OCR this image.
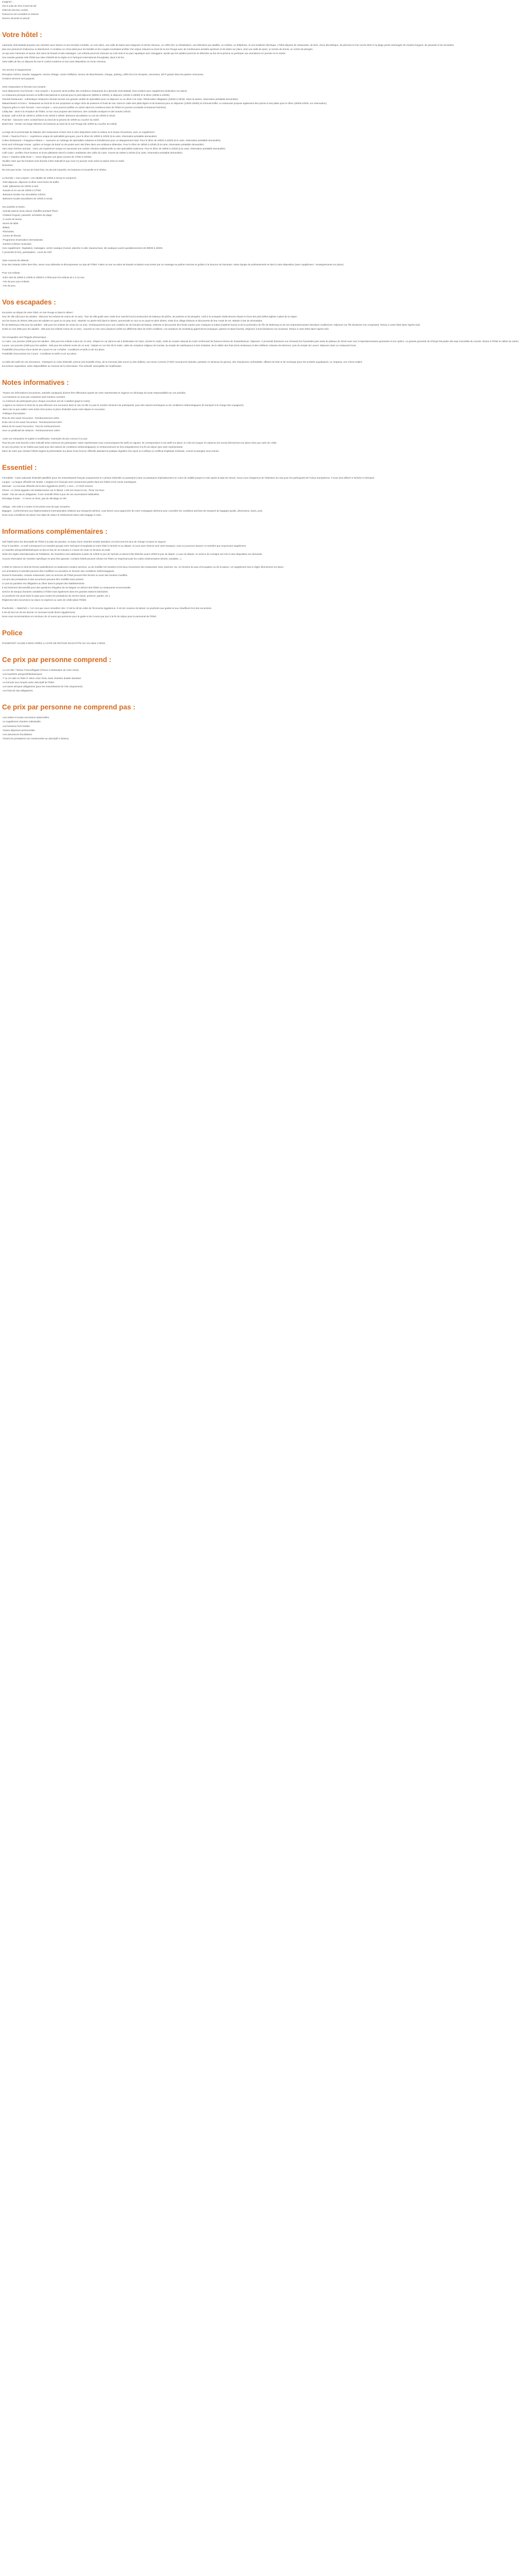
Imaginez ...
Vos 8 nuits de rêve à bord de Nil
Hôtel de très bon confort
Partout lui est considéré et réservé
Service sécurisé et amical
Votre hôtel :
Labranda Club Makadi propose une chambre avec balcon et une terrasse meublée, un coin salon, une salle de bains avec baignoire et sèche-cheveux, un coffre-fort, la climatisation, une télévision par satellite, un minibar, un téléphone, et une bouilloire électrique. L'hôtel dispose de restaurants, de bars, d'une discothèque, de piscines et d'un accès direct à la plage privée aménagée de chaises longues, de parasols et de serviettes.
plus son personnel chaleureux et attentionné, il constitue un choix idéal pour les familles et les couples souhaitant profiter d'un séjour relaxant au bord de la mer Rouge avec de nombreuses activités sportives et de loisirs sur place, dont une salle de sport, un terrain de tennis, un centre de plongée,
un spa avec hammam et sauna, des soins de beauté et des massages. Les enfants pourront s'amuser au mini-club et au parc aquatique avec toboggans, tandis que les adultes pourront se détendre au bar de la piscine ou participer aux animations en journée et en soirée.
Une navette gratuite relie l'hôtel aux sites d'intérêt de la région et à l'aéroport international d'Hurghada, situé à 30 km.
Votre table de lieu un dispose de tout le confort moderne et tout votre disposition un écran cheveux.
Vos service et équipements :
Réception 24h/24, navette, bagagerie, service d'étage, centre d'affaires, service de blanchisserie, change, parking, coffre-fort à la réception, ascenseur, Wi-Fi gratuit dans les parties communes.
Certains services sont payants.
Votre restauration et formule tout compris :
Vous déjeunerez à la formule « tout compris » et pourrez ainsi profiter des nombreux restaurants du Labranda Club Makadi, dont certains avec supplément (indication sur place).
Le restaurant principal servant un buffet international et oriental pour le petit déjeuner (06h00 à 10h00), le déjeuner (12h00 à 15h00) et le dîner (18h30 à 22h00).
Oriental Restaurant : Authentique restaurant oriental servant une grande variété de spécialités pour un déjeuner ou un dîner à la carte. Réservation obligatoire (10h00 à 22h30, selon la saison, réservation préalable demandée).
Makadi Beach Art Deco : Restaurant au bord de la mer proposant un large choix de poissons et fruits de mer. Dans le cadre des plats légers et de boissons pour un déjeuner (12h00-15h00) en formule buffet. Le restaurant propose également des pizzas et des pâtes pour le dîner (19h00-22h00, sur réservation).
Toujours grâce à votre formule « tout compris », vous pourrez profiter en soirée dans les nombreux bars de l'hôtel en journée (cocktails et boissons fraîches).
Lobby Bar : situé à la réception de l'hôtel, ce bar vous propose des boissons, des cocktails exotiques et des snacks 24h/24.
Ensuite, café et thé de 10h00 à 12h00 et de 15h00 à 18h00. Boissons alcoolisées ou non de 10h00 à minuit.
Pool Bar : Savourez votre cocktail favori au bord de la piscine de 10h00 au coucher du soleil.
Beach Bar : Siroter une large sélection de boissons au bord de la mer Rouge (de 10h00 au coucher du soleil).
La large de la promenade de Makadi, des restaurants et bars sont à votre disposition selon la saison et le temps d'ouverture, avec un supplément :
Greek « Taverna Porco » : expérience unique de spécialités grecques, pour le dîner de 19h00 à 22h00 (à la carte, réservation préalable demandée).
Cobeo Restaurant « Pasgama Indiana » : savourez un mélange de spécialités cubaines et brésiliennes pour un dépaysement total. Pour le dîner de 19h00 à 22h00 (à la carte, réservation préalable demandée).
Rock and roll Burger House : goûtez un burger de bœuf ou de poulet avec des frites dans une ambiance détendue. Pour le dîner de 18h00 à 22h00 (à la carte, réservation préalable demandée).
Yam Asian Kitchen and Bar : vivez une expérience unique en savourant une cuisine chinoise traditionnelle ou des spécialités indiennes. Pour le dîner de 19h00 à 22h00 (à la carte, réservation préalable demandée).
Café Cairo : profitez d'une boisson et d'une pâtisserie dans la chaleur arabisante des cafés du Caire. Ouvert de 16h00 à 22h30 (à la carte, réservation préalable demandée).
Gioco « Giardino della Rose » : venez déguster une glace (ouvert de 17h00 à 22h00).
Veuillez noter que les horaires sont donnés à titre indicatif et que vous n'y pouvez venir selon la saison et/ou le soleil.
Nouveaux :
Ne sont pas inclus : les jus de fruits frais, les alcools importés, les boissons en bouteille et le shisha.
La formule « tout compris » est valable de 10h00 à minuit et comprend :
-Petit déjeuner, déjeuner et dîner sous forme de buffet.
-Café, pâtisseries de 10h00 à midi.
-Snacks et en-cas de 15h00 à 17h00.
-Boissons locales non alcoolisées 24h/24.
-Boissons locales alcoolisées de 10h00 à minuit.
Vos activités et loisirs :
-Grande piscine d'eau douce chauffée pendant l'hiver.
-Chaises longues, parasols, serviettes de plage.
-2 courts de tennis.
-tennis de table.
-Billard.
-Fléchettes.
-Centre de fitness.
-Programme d'animation internationale.
-Soirées à thème musicales.
Avec supplément : Équitation, massages, centre nautique (Canoë, planche à voile, banana-boat, ski nautique) ouvert quotidiennement de 09h00 à 18h00.
À proximité (6 km), participation : cours de Golf.
Votre moment de détente :
Pour des instants 100% bien-être, venez vous détendre et décompresser au Spa de l'hôtel. Faites un tour au salon de beauté et laissez-vous tenter par un massage au parfum enivrant et goûtez à la douceur du hammam. Notre équipe de professionnels se tient à votre disposition (avec supplément : renseignements sur place).
Pour vos enfants :
-Kid's club de 10h00 à 12h00 et 15h00 à 17h00 pour les enfants de 4 à 12 ans.
-Aire de jeux pour enfants.
-Aire de jeux.
Vos escapades :
Excursion au départ de votre hôtel, en mer Rouge et dans le désert :
Tour de ville (3h) pour les adultes : 30€ pour les enfants de moins de 12 ans) : Tour de ville guidé avec visite d'un marché local (construction de bateaux de pêche, de poteries et de plongée). Arrêt à la mosquée Abdel Monem Riyad et d'une des plus belles églises coptes de la région.
Sur les dunes du désert (40€ pour les adultes en quad ou en jeep 4x4) : Matinée ou après-midi dans le désert, promenade en 4x4 ou en quad en plein désert, visite d'un village bédouin et découverte de leur mode de vie. Balade à dos de dromadaire.
Île de Mahmeya (75€ pour les adultes - 40€ pour les enfants de moins de 12 ans) : Embarquement pour une croisière de 45 minutes de bateau. Détente et découverte des fonds marins avec masques et tubas (matériel fourni) et de la profondeur de l'île de Mahmeya et de ses impressionnantes étendues coralliennes. Déjeuner sur l'île (boissons non comprises). Retour à votre hôtel dans l'après-midi.
Sortie en mer (50€ pour les adultes - 25€ pour les enfants moins de 12 ans) : Journée en mer avec plusieurs arrêts sur différents sites de récifs coralliens. Les amateurs de snorkeling apprécieront (masques, palmes et tubas fournis). Déjeuner à bord (boissons non incluses). Retour à votre hôtel dans l'après-midi.
Vos escapades vers l'Égypte pharaonique :
Le Caire, une journée (100€ pour les adultes - 50€ pour les enfants moins de 12 ans) : Départ en car dans la nuit à destination du Caire, arrivée le matin, visite du musée national du Caire renfermant les fameux trésors de Toutankhamon. Déjeuner. À proximité (boissons non incluses) les Pyramides puis visite du plateau de Gizeh avec ses 3 impressionnantes pyramides et son sphinx. La grande pyramide de Khéops fait partie des sept merveilles du monde. Retour à l'hôtel en début de soirée.
Louxor, une journée (100€ pour les adultes - 50€ pour les enfants moins de 12 ans) : Départ en car très tôt le matin, visite du complexe religieux de Karnak, du temple de Hatshepsout à Deir el-Bahari, de la Vallée des Rois (trois tombeaux) et des célèbres colosses de Memnon, puis du temple de Louxor. Déjeuner dans un restaurant local.
Possibilité d'excursion d'une durée de 2 jours en car 4 étoiles : Conditions et tarifs à voir sur place.
Possibilité d'excursions sur 2 jours : Conditions et tarifs à voir sur place.
Au-delà des tarifs de ces escursions : Passeport ou carte d'identité, prévoir une bouteille d'eau, de la monnaie (des euros ou des dollars), une tenue correcte (T-shirt couvrant les épaules, pantalon en dessous du genou), des chaussures confortables, affaires de bain et de rechange (pour les activités aquatiques), un chapeau, une crème solaire.
Excursions organisées, selon disponibilités au moment de la réservation. Prix indicatif, susceptible de modification.
Notes informatives :
-Toutes vos informations (excursions, activités nautiques) doivent être effectuées auprès de votre représentant et l'agence en décharge de toute responsabilité sur ces activités.
-Les boissons ne sont pas comprises sauf mention contraire.
-Le minimum de participants pour chaque excursion est de 4 adultes (payé le Caire).
-L'agence se réserve le droit de ne pas effectuer une excursion dans le cas où elle n'a pas le nombre minimum de participants, pour des raisons techniques ou de conditions météorologiques (le transport à la charge des voyageurs).
-Merci de ne pas oublier votre ticket d'excursion et pièce d'identité avant votre départ en excursion.
-Politique d'annulation :
Plus de 24H avant l'excursion : Remboursement 100%
Entre 24H et 6H avant l'excursion : Remboursement 50%
Moins de 6H avant l'excursion : Pas de remboursement
Avec un justificatif de médecin : Remboursement 100%
-Liste non exhaustive et sujette à modification. Exemples de prix connus à ce jour.
Tous les prix sont donnés à titre indicatif selon minimum de participants. Notre représentant vous communiquera les tarifs en vigueur. Ils correspondent à nos tarifs sur place, le coût est à payer en espèces (en euros) directement sur place et/ou par carte de crédit.
Si une excursion ne se réalise pas (sauf pour des raisons de conditions météorologiques), le remboursement se fera intégralement à la fin du séjour (par votre représentant).
Merci de noter que certains hôtels exigent la présentation sur place d'une licence officielle attestant la pratique régulière d'un sport ou à défaut un certificat d'aptitude médicale, comme la plongée sous-marine.
Essentiel :
Formalités : Carte nationale d'identité plastifiée (pour les ressortissants français uniquement) et 2 photos d'identité ou passeport (carte ou passeport impérativement en cours de validité jusqu'à 6 mois après la date de retour). Nous vous chargerons de l'obtention du visa pour les participants de l'Union Européenne. Il vous sera délivré à l'arrivée à l'aéroport.
Langue : La langue officielle est l'arabe. L'anglais et le français sont couramment parlés dans les hôtels et les zones touristiques.
Monnaie : La monnaie officielle est la livre égyptienne (EGP). 1 euro = 17 EGP environ.
Climat : Le climat égyptien est méditerranéen sur le littoral. L'été est chaud et sec, l'hiver est doux.
Santé : Pas de vaccin obligatoire. Il est conseillé d'être à jour de vos vaccinations habituelles.
Décalage horaire : +1 heure en hiver, pas de décalage en été.
Voltage : 220 volts à 4 mains et les prises sont de type européen.
Bagages : conformément aux règlementations internationales relatives aux transports aériens, vous devez vous rapprocher de votre compagnie aérienne pour connaître les conditions précises de transport de bagages (poids, dimensions, taxes, prix).
Nous vous conseillons de placer tout objet de valeur et médicament dans votre bagage à main.
Informations complémentaires :
Tarif établi selon les descriptifs de l'hôtel à la date de parution, en base d'une chambre double standard, et inclut tous les taux de change et taxes en vigueur.
Pour le transfert : Le tarif correspond à un transfert groupé entre l'aéroport d'Hurghada et votre hôtel à l'arrivée et au départ. Si vous avez réservé seul votre transport, nous ne pourrons assurer ce transfert que moyennant supplément.
Le transfert aéroport/hôtel/aéroport se fait en bus de 40 minutes à 1 heure de route en fonction du trafic.
Selon les règles internationales de l'hôtellerie, les chambres sont attribuées à partir de 14h00 le jour de l'arrivée et doivent être libérées avant 12h00 le jour du départ. Le jour du départ, un service de consigne est mis à votre disposition sur demande.
Aucune réservation de chambre spécifique ne peut être garantie. Certains hôtels peuvent refuser les hôtes ne respectant pas les codes vestimentaires (shorts, sandales...).
L'hôtel se réserve le droit de fermer partiellement ou totalement certains services, ou de modifier les horaires et les lieux d'ouverture des restaurants, bars, piscines, etc. en fonction du taux d'occupation ou de la saison. Un supplément sera à régler directement sur place.
Les animations et activités peuvent être modifiées ou annulées en fonction des conditions météorologiques.
Durant le Ramadan, certains restaurants, bars ou services de l'hôtel peuvent être fermés ou avoir des horaires modifiés.
Les prix des prestations et des excursions peuvent être modifiés sans préavis.
Le port du pantalon est obligatoire au dîner dans la plupart des établissements.
Il est fortement déconseillé pour des questions d'hygiène de se baigner en dehors des hôtels ou restaurants recommandés.
Service de banque (horaires variables) à l'hôtel mais également dans les grandes stations balnéaires.
Le pourboire est usuel dans le pays pour toutes les prestations de service (taxis, porteurs, guides, etc.).
Règlement des excursions sur place en espèces ou carte de crédit (dans l'hôtel).
Pourboires : « Bakchich » ! Un mot que vous connaîtrez vite ! C'est la clé de voûte de l'économie égyptienne. Il est de coutume de laisser un pourboire aux guides et aux chauffeurs lors des excursions.
Il est de bon ton de les donner en monnaie locale (livres égyptiennes).
Nous vous recommandons en minimum de 10 euros par personne pour le guide et de 3 euros par jour à la fin du séjour pour le personnel de l'hôtel.
Police
PASSEPORT VALIDE 6 MOIS APRÈS LA DATE DE RETOUR EN EGYPTE OU VALABLE 3 MOIS
Ce prix par personne comprend :
-Le vol Aller / Retour France/Égypte (France à destination de votre choix).
-Les transferts aéroport/hôtel/aéroport.
-7 ou 14 nuits en hôtel 4* selon votre choix, base chambre double standard.
-La formule tout compris selon descriptif de l'hôtel.
-Les taxes aéroport obligatoires (pour les ressortissants de l'UE uniquement).
-Les frais de visa obligatoires.
Ce prix par personne ne comprend pas :
-Les visites et toutes excursions optionnelles.
-Le supplément chambre individuelle.
-Les boissons hors forfaits.
-Toutes dépenses personnelles.
-Les assurances facultatives.
-Toutes les prestations non mentionnées au descriptif ci-dessus.
